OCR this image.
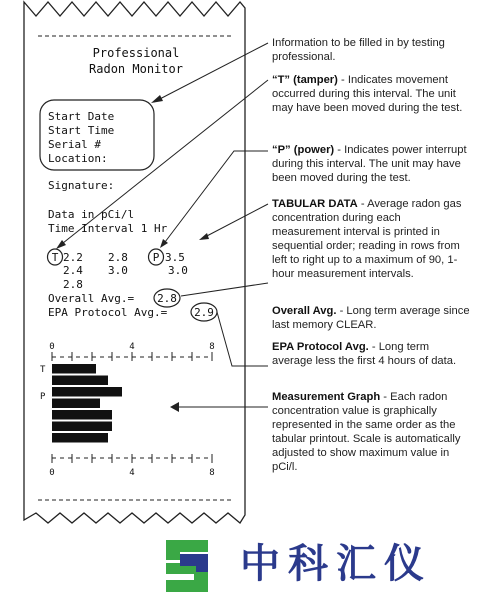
Professional
Radon Monitor
Start Date
Start Time
Serial #
Location:
Signature:
Data in pCi/l
Time Interval 1 Hr
T 2.2 2.8 P 3.5
2.4 3.0	3.0
2.8
Overall Avg.= 2.8
EPA Protocol Avg.= 2.9
0	4	8
T
P
0	4	8
Information to be filled in by testing professional.
“T” (tamper) - Indicates movement occurred during this interval. The unit may have been moved during the test.
“P” (power) - Indicates power interrupt during this interval. The unit may have been moved during the test.
TABULAR DATA - Average radon gas concentration during each measurement interval is printed in sequential order; reading in rows from left to right up to a maximum of 90, 1-hour measurement intervals.
Overall Avg. - Long term average since last memory CLEAR.
EPA Protocol Avg. - Long term average less the first 4 hours of data.
Measurement Graph - Each radon concentration value is graphically represented in the same order as the tabular printout. Scale is automatically adjusted to show maximum value in pCi/l.
中科汇仪
